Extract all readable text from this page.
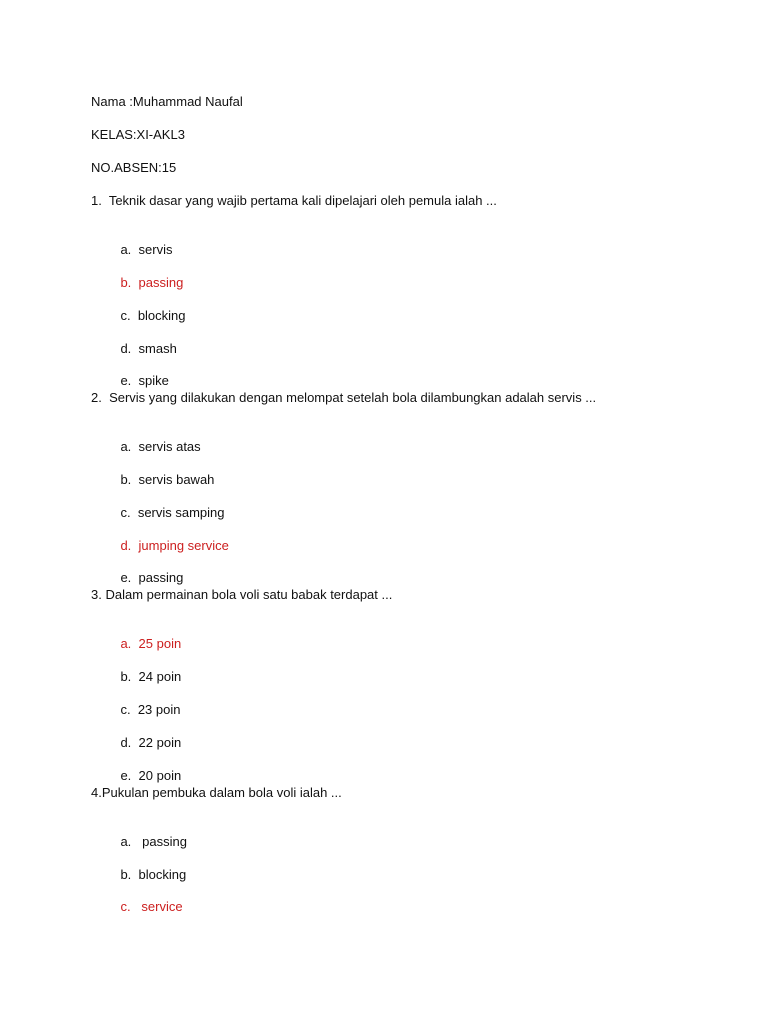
Nama :Muhammad Naufal
KELAS:XI-AKL3
NO.ABSEN:15
1.  Teknik dasar yang wajib pertama kali dipelajari oleh pemula ialah ...

a. servis

b. passing

c. blocking

d. smash

e. spike

2.  Servis yang dilakukan dengan melompat setelah bola dilambungkan adalah servis ...

a. servis atas

b. servis bawah

c. servis samping

d. jumping service

e. passing

3. Dalam permainan bola voli satu babak terdapat ...

a. 25 poin

b. 24 poin

c. 23 poin

d. 22 poin

e. 20 poin

4.Pukulan pembuka dalam bola voli ialah ...

a. passing

b. blocking

c. service
